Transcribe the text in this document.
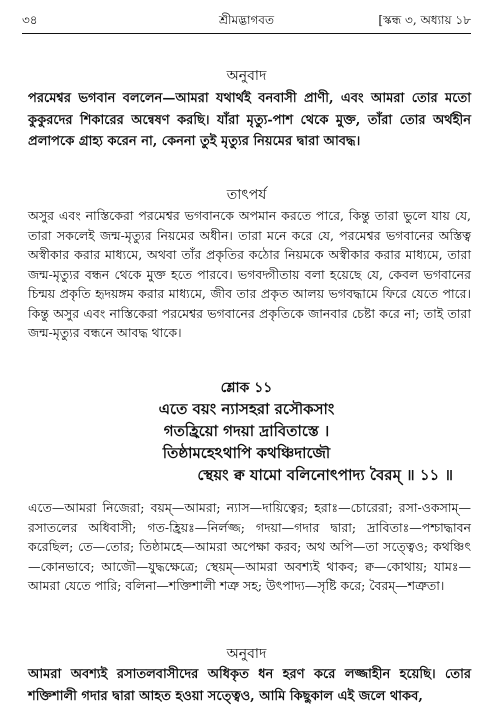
৩৪	শ্রীমদ্ভাগবত	[স্কন্ধ ৩, অধ্যায় ১৮
অনুবাদ
পরমেশ্বর ভগবান বললেন—আমরা যথার্থই বনবাসী প্রাণী, এবং আমরা তোর মতো কুকুরদের শিকারের অন্বেষণ করছি। যাঁরা মৃত্যু-পাশ থেকে মুক্ত, তাঁরা তোর অর্থহীন প্রলাপকে গ্রাহ্য করেন না, কেননা তুই মৃত্যুর নিয়মের দ্বারা আবদ্ধ।
তাৎপর্য
অসুর এবং নাস্তিকেরা পরমেশ্বর ভগবানকে অপমান করতে পারে, কিন্তু তারা ভুলে যায় যে, তারা সকলেই জন্ম-মৃত্যুর নিয়মের অধীন। তারা মনে করে যে, পরমেশ্বর ভগবানের অস্তিত্ব অস্বীকার করার মাধ্যমে, অথবা তাঁর প্রকৃতির কঠোর নিয়মকে অস্বীকার করার মাধ্যমে, তারা জন্ম-মৃত্যুর বন্ধন থেকে মুক্ত হতে পারবে। ভগবদ্গীতায় বলা হয়েছে যে, কেবল ভগবানের চিন্ময় প্রকৃতি হৃদয়ঙ্গম করার মাধ্যমে, জীব তার প্রকৃত আলয় ভগবদ্ধামে ফিরে যেতে পারে। কিন্তু অসুর এবং নাস্তিকেরা পরমেশ্বর ভগবানের প্রকৃতিকে জানবার চেষ্টা করে না; তাই তারা জন্ম-মৃত্যুর বন্ধনে আবদ্ধ থাকে।
শ্লোক ১১
এতে বয়ং ন্যাসহরা রসৌকসাং
গতহ্রিয়ো গদয়া দ্রাবিতাস্তে ।
তিষ্ঠামহেঽথাপি কথঞ্চিদাজৌ
স্থেয়ং ক্ব যামো বলিনোৎপাদ্য বৈরম্ ॥ ১১ ॥
এতে—আমরা নিজেরা; বয়ম্—আমরা; ন্যাস—দায়িত্বের; হরাঃ—চোরেরা; রসা-ওকসাম্—রসাতলের অধিবাসী; গত-হ্রিয়ঃ—নির্লজ্জ; গদয়া—গদার দ্বারা; দ্রাবিতাঃ—পশ্চাদ্ধাবন করেছিল; তে—তোর; তিষ্ঠামহে—আমরা অপেক্ষা করব; অথ অপি—তা সত্ত্বেও; কথঞ্চিৎ—কোনভাবে; আজৌ—যুদ্ধক্ষেত্রে; স্থেয়ম্—আমরা অবশ্যই থাকব; ক্ব—কোথায়; যামঃ—আমরা যেতে পারি; বলিনা—শক্তিশালী শত্রু সহ; উৎপাদ্য—সৃষ্টি করে; বৈরম্—শত্রুতা।
অনুবাদ
আমরা অবশ্যই রসাতলবাসীদের অধিকৃত ধন হরণ করে লজ্জাহীন হয়েছি। তোর শক্তিশালী গদার দ্বারা আহত হওয়া সত্ত্বেও, আমি কিছুকাল এই জলে থাকব,
